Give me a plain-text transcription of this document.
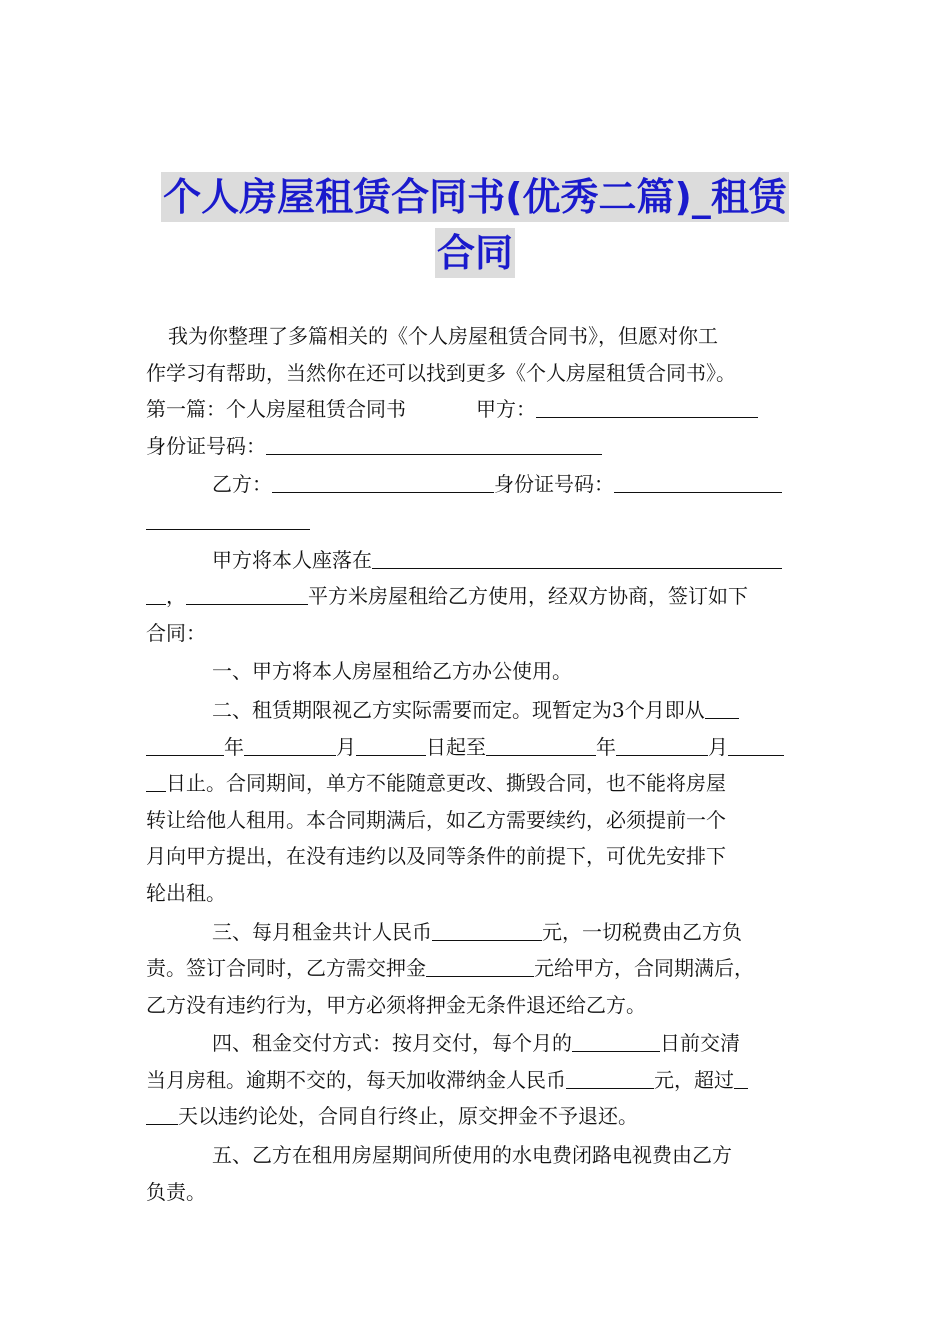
个人房屋租赁合同书(优秀二篇)_租赁
合同
我为你整理了多篇相关的《个人房屋租赁合同书》，但愿对你工
作学习有帮助，当然你在还可以找到更多《个人房屋租赁合同书》。
第一篇：个人房屋租赁合同书	甲方：
身份证号码：
乙方：	身份证号码：
甲方将本人座落在
，	平方米房屋租给乙方使用，经双方协商，签订如下
合同：
一、甲方将本人房屋租给乙方办公使用。
二、租赁期限视乙方实际需要而定。现暂定为3个月即从
年	月	日起至	年	月
日止。合同期间，单方不能随意更改、撕毁合同，也不能将房屋
转让给他人租用。本合同期满后，如乙方需要续约，必须提前一个
月向甲方提出，在没有违约以及同等条件的前提下，可优先安排下
轮出租。
三、每月租金共计人民币	元，一切税费由乙方负
责。签订合同时，乙方需交押金	元给甲方，合同期满后，
乙方没有违约行为，甲方必须将押金无条件退还给乙方。
四、租金交付方式：按月交付，每个月的	日前交清
当月房租。逾期不交的，每天加收滞纳金人民币	元，超过
天以违约论处，合同自行终止，原交押金不予退还。
五、乙方在租用房屋期间所使用的水电费闭路电视费由乙方
负责。
